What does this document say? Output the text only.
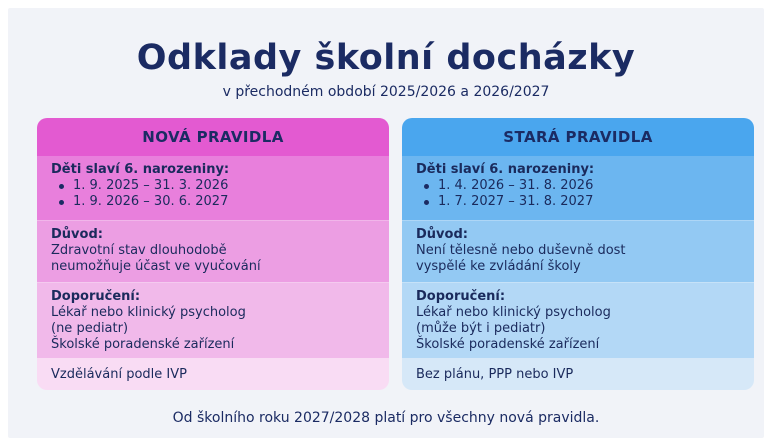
Odklady školní docházky
v přechodném období 2025/2026 a 2026/2027
NOVÁ PRAVIDLA
Děti slaví 6. narozeniny:
1. 9. 2025 – 31. 3. 2026
1. 9. 2026 – 30. 6. 2027
Důvod:
Zdravotní stav dlouhodobě
neumožňuje účast ve vyučování
Doporučení:
Lékař nebo klinický psycholog
(ne pediatr)
Školské poradenské zařízení
Vzdělávání podle IVP
STARÁ PRAVIDLA
Děti slaví 6. narozeniny:
1. 4. 2026 – 31. 8. 2026
1. 7. 2027 – 31. 8. 2027
Důvod:
Není tělesně nebo duševně dost
vyspělé ke zvládání školy
Doporučení:
Lékař nebo klinický psycholog
(může být i pediatr)
Školské poradenské zařízení
Bez plánu, PPP nebo IVP
Od školního roku 2027/2028 platí pro všechny nová pravidla.
